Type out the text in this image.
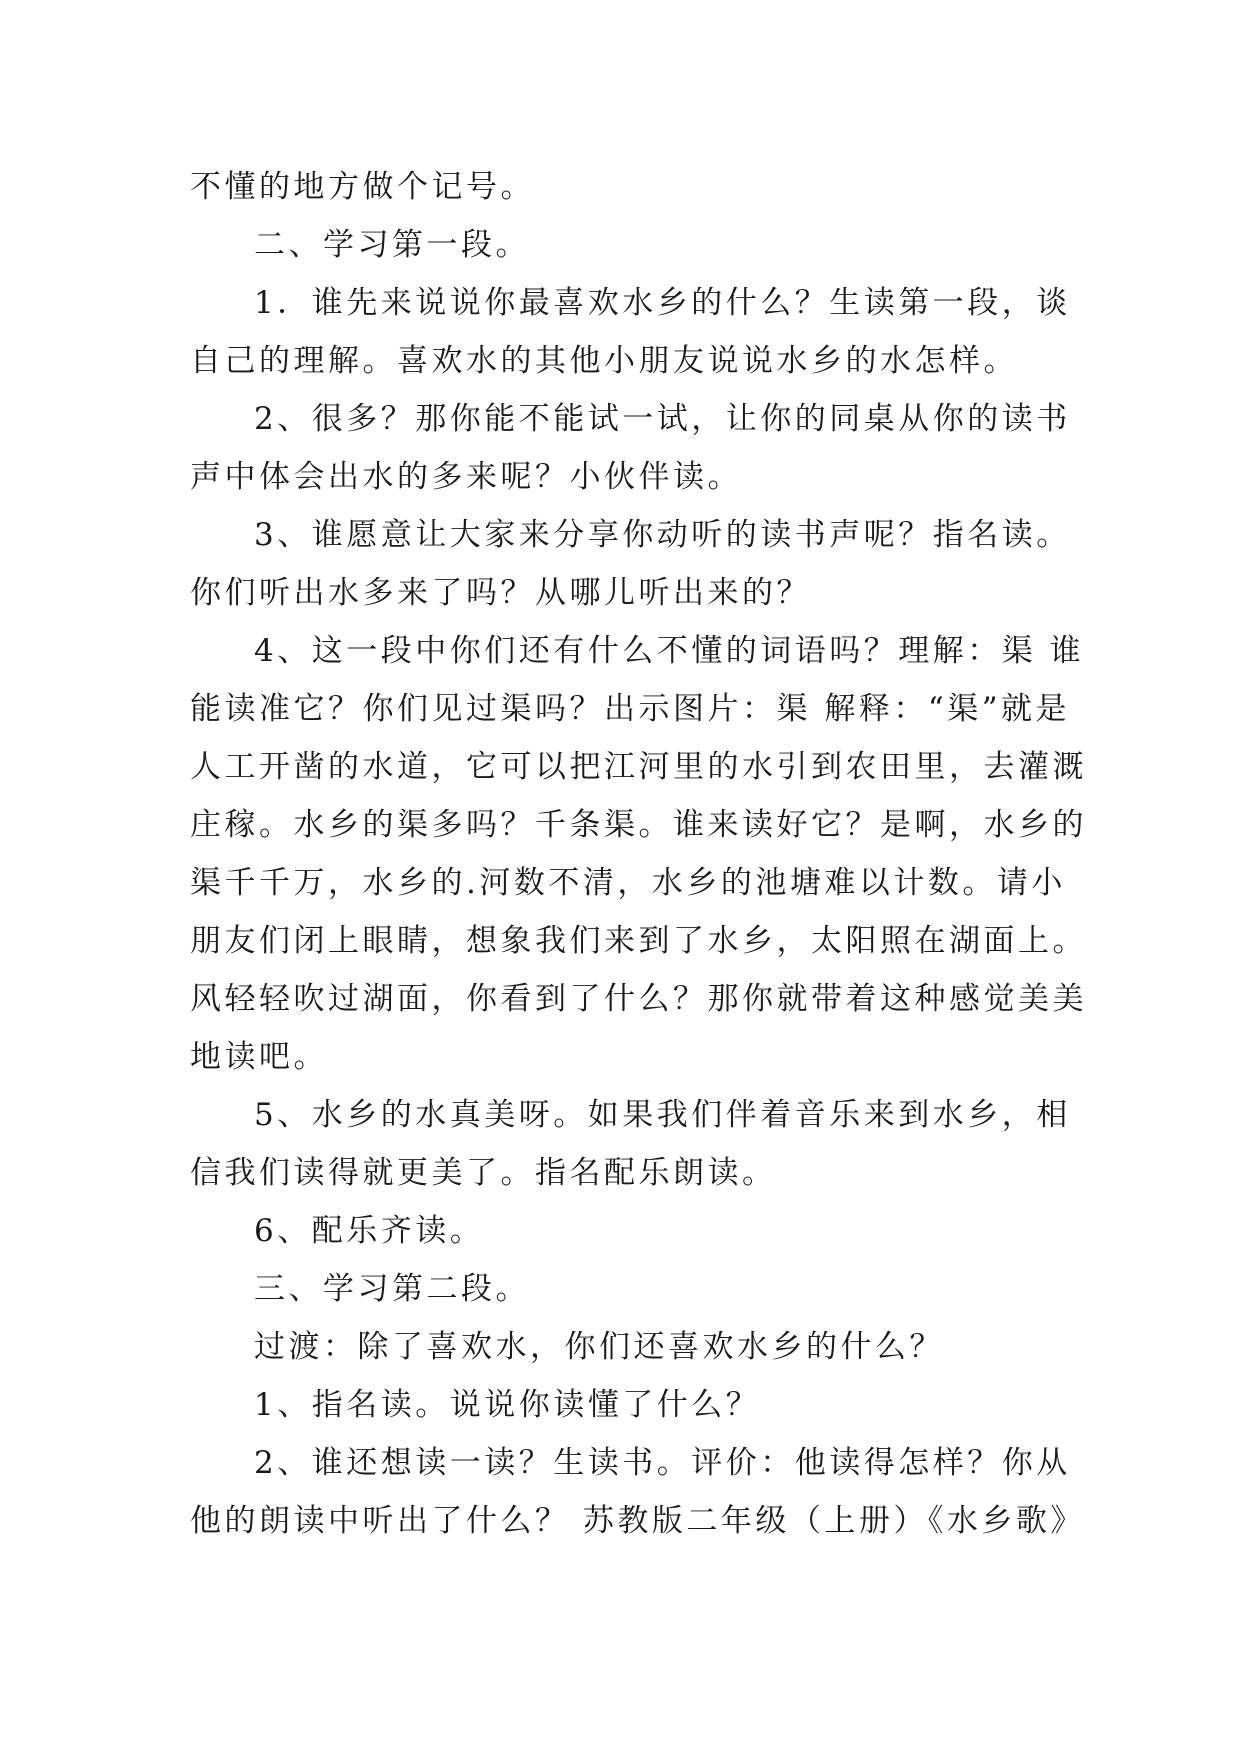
不懂的地方做个记号。
二、学习第一段。
1．谁先来说说你最喜欢水乡的什么？生读第一段，谈
自己的理解。喜欢水的其他小朋友说说水乡的水怎样。
2、很多？那你能不能试一试，让你的同桌从你的读书
声中体会出水的多来呢？小伙伴读。
3、谁愿意让大家来分享你动听的读书声呢？指名读。
你们听出水多来了吗？从哪儿听出来的？
4、这一段中你们还有什么不懂的词语吗？理解：渠 谁
能读准它？你们见过渠吗？出示图片：渠 解释：“渠”就是
人工开凿的水道，它可以把江河里的水引到农田里，去灌溉
庄稼。水乡的渠多吗？千条渠。谁来读好它？是啊，水乡的
渠千千万，水乡的.河数不清，水乡的池塘难以计数。请小
朋友们闭上眼睛，想象我们来到了水乡，太阳照在湖面上。
风轻轻吹过湖面，你看到了什么？那你就带着这种感觉美美
地读吧。
5、水乡的水真美呀。如果我们伴着音乐来到水乡，相
信我们读得就更美了。指名配乐朗读。
6、配乐齐读。
三、学习第二段。
过渡：除了喜欢水，你们还喜欢水乡的什么？
1、指名读。说说你读懂了什么？
2、谁还想读一读？生读书。评价：他读得怎样？你从
他的朗读中听出了什么？ 苏教版二年级（上册）《水乡歌》
